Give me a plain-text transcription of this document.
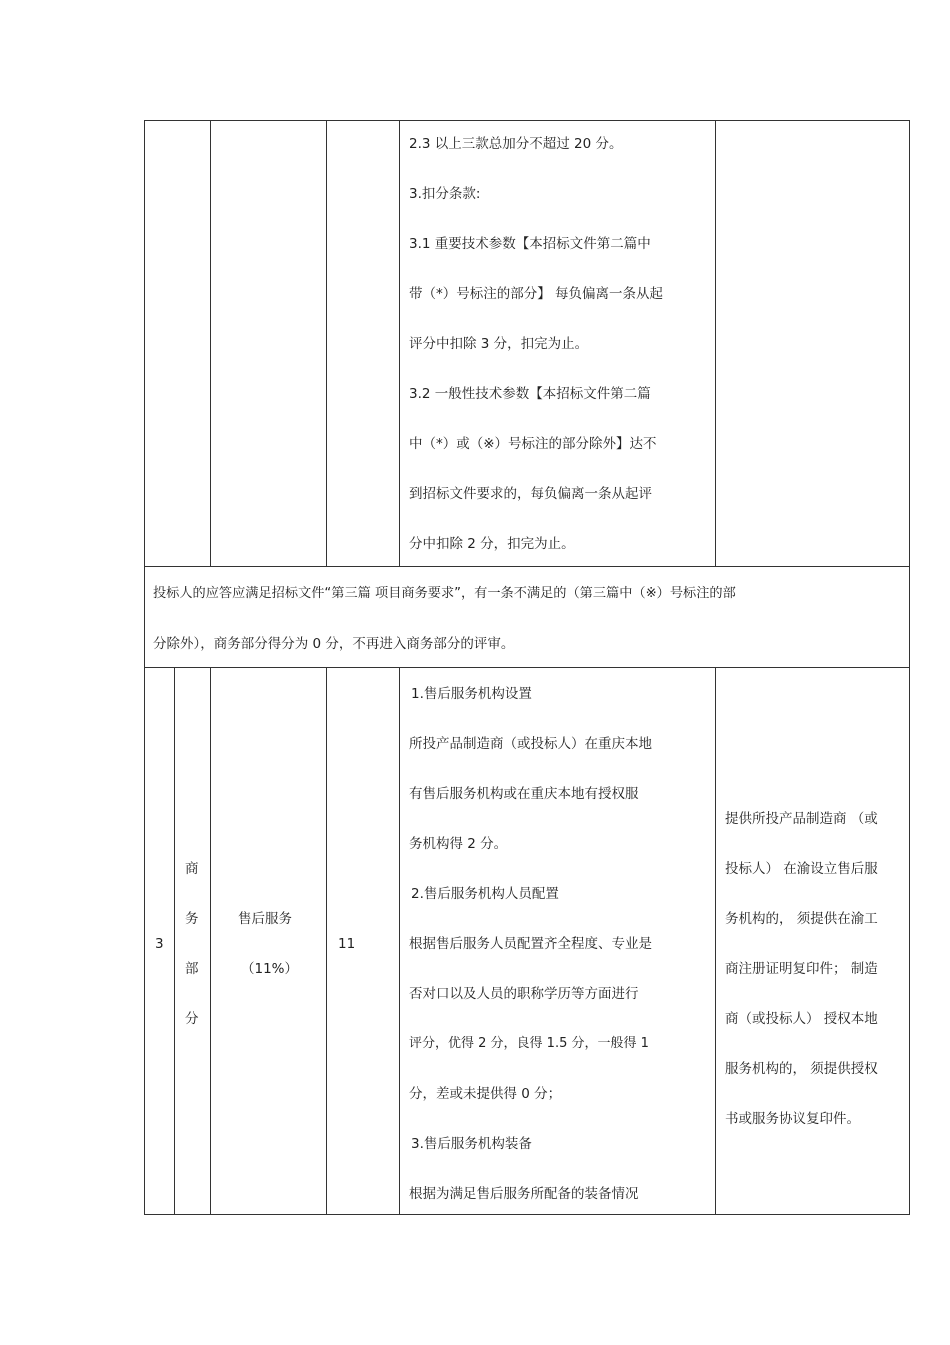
2.3 以上三款总加分不超过 20 分。
3.扣分条款:
3.1 重要技术参数【本招标文件第二篇中
带（*）号标注的部分】 每负偏离一条从起
评分中扣除 3 分，扣完为止。
3.2 一般性技术参数【本招标文件第二篇
中（*）或（※）号标注的部分除外】达不
到招标文件要求的，每负偏离一条从起评
分中扣除 2 分，扣完为止。
投标人的应答应满足招标文件“第三篇 项目商务要求”，有一条不满足的（第三篇中（※）号标注的部
分除外），商务部分得分为 0 分，不再进入商务部分的评审。
3
商
务
部
分
售后服务
（11%）
11
1.售后服务机构设置
所投产品制造商（或投标人）在重庆本地
有售后服务机构或在重庆本地有授权服
务机构得 2 分。
2.售后服务机构人员配置
根据售后服务人员配置齐全程度、专业是
否对口以及人员的职称学历等方面进行
评分，优得 2 分，良得 1.5 分，一般得 1
分，差或未提供得 0 分；
3.售后服务机构装备
根据为满足售后服务所配备的装备情况
提供所投产品制造商 （或
投标人） 在渝设立售后服
务机构的， 须提供在渝工
商注册证明复印件； 制造
商（或投标人） 授权本地
服务机构的， 须提供授权
书或服务协议复印件。
